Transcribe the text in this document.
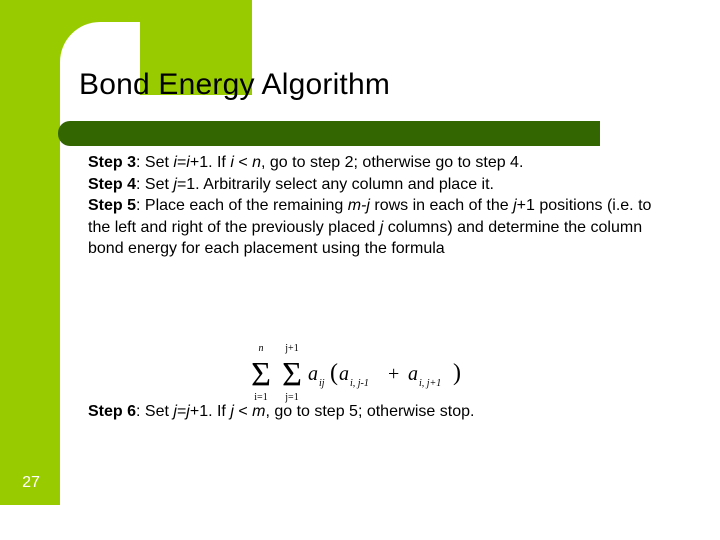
Bond Energy Algorithm

Step 3: Set i=i+1. If i < n, go to step 2; otherwise go to step 4.

Step 4: Set j=1. Arbitrarily select any column and place it.

Step 5: Place each of the remaining m-j rows in each of the j+1 positions (i.e. to the left and right of the previously placed j columns) and determine the column bond energy for each placement using the formula

n
Σ
i=1
j+1
Σ
j=1
a ij ( a i, j-1 + a i, j+1 )

Step 6: Set j=j+1. If j < m, go to step 5; otherwise stop.

27
